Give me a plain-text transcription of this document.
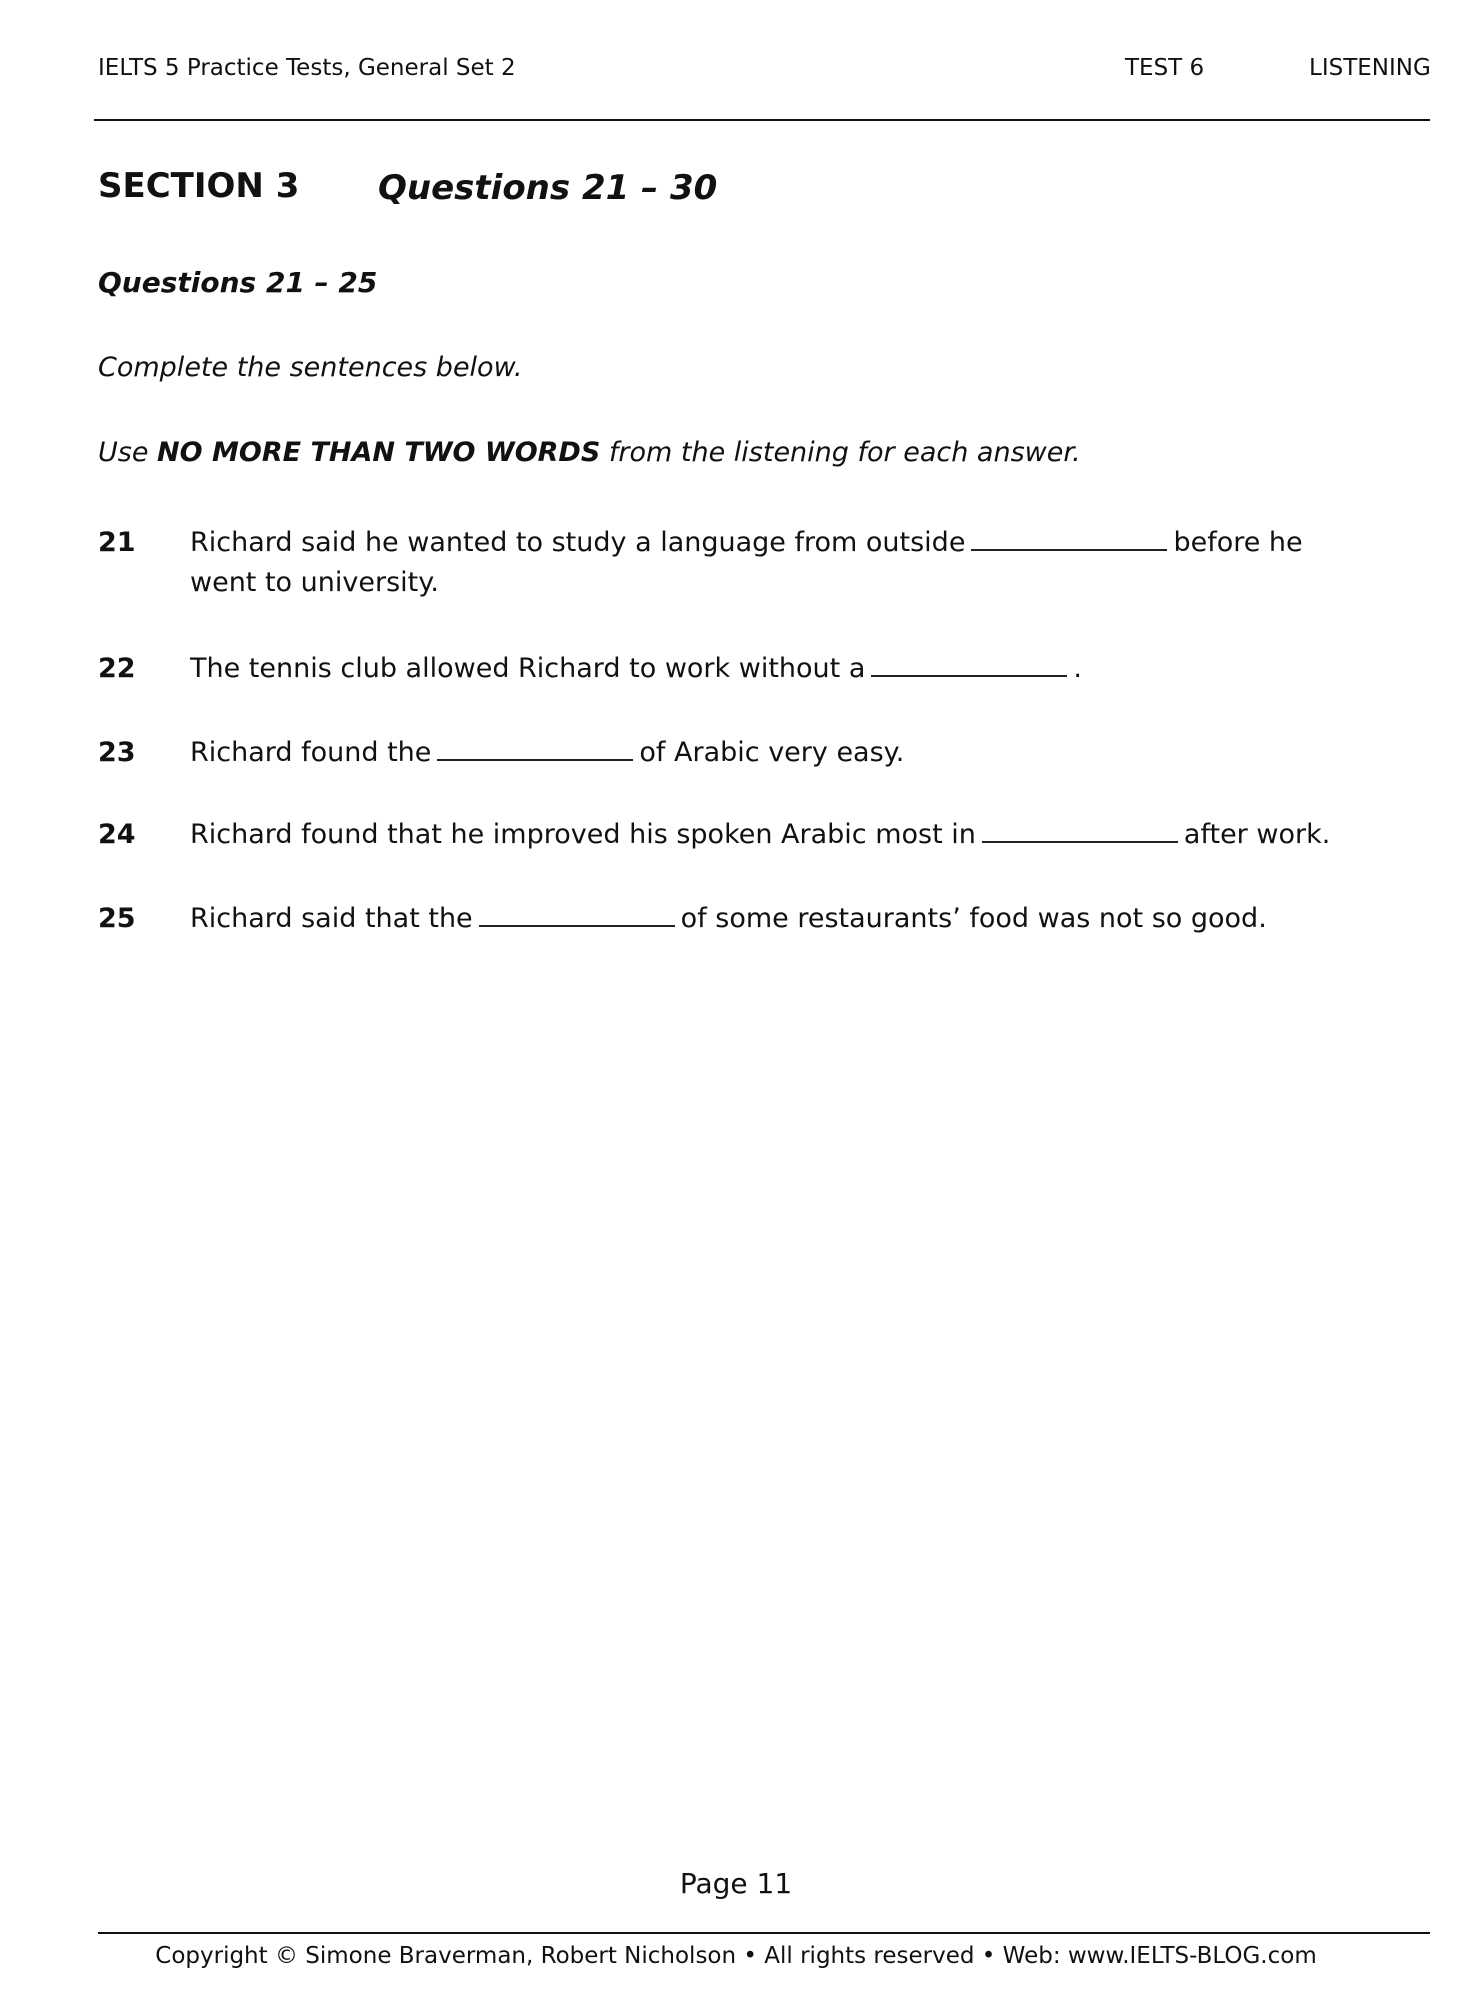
IELTS 5 Practice Tests, General Set 2	TEST 6	LISTENING
SECTION 3 Questions 21 – 30
Questions 21 – 25
Complete the sentences below.
Use NO MORE THAN TWO WORDS from the listening for each answer.
21	Richard said he wanted to study a language from outside	before he
went to university.
22	The tennis club allowed Richard to work without a	.
23	Richard found the	of Arabic very easy.
24	Richard found that he improved his spoken Arabic most in	after work.
25	Richard said that the	of some restaurants’ food was not so good.
Page 11
Copyright © Simone Braverman, Robert Nicholson • All rights reserved • Web: www.IELTS-BLOG.com
